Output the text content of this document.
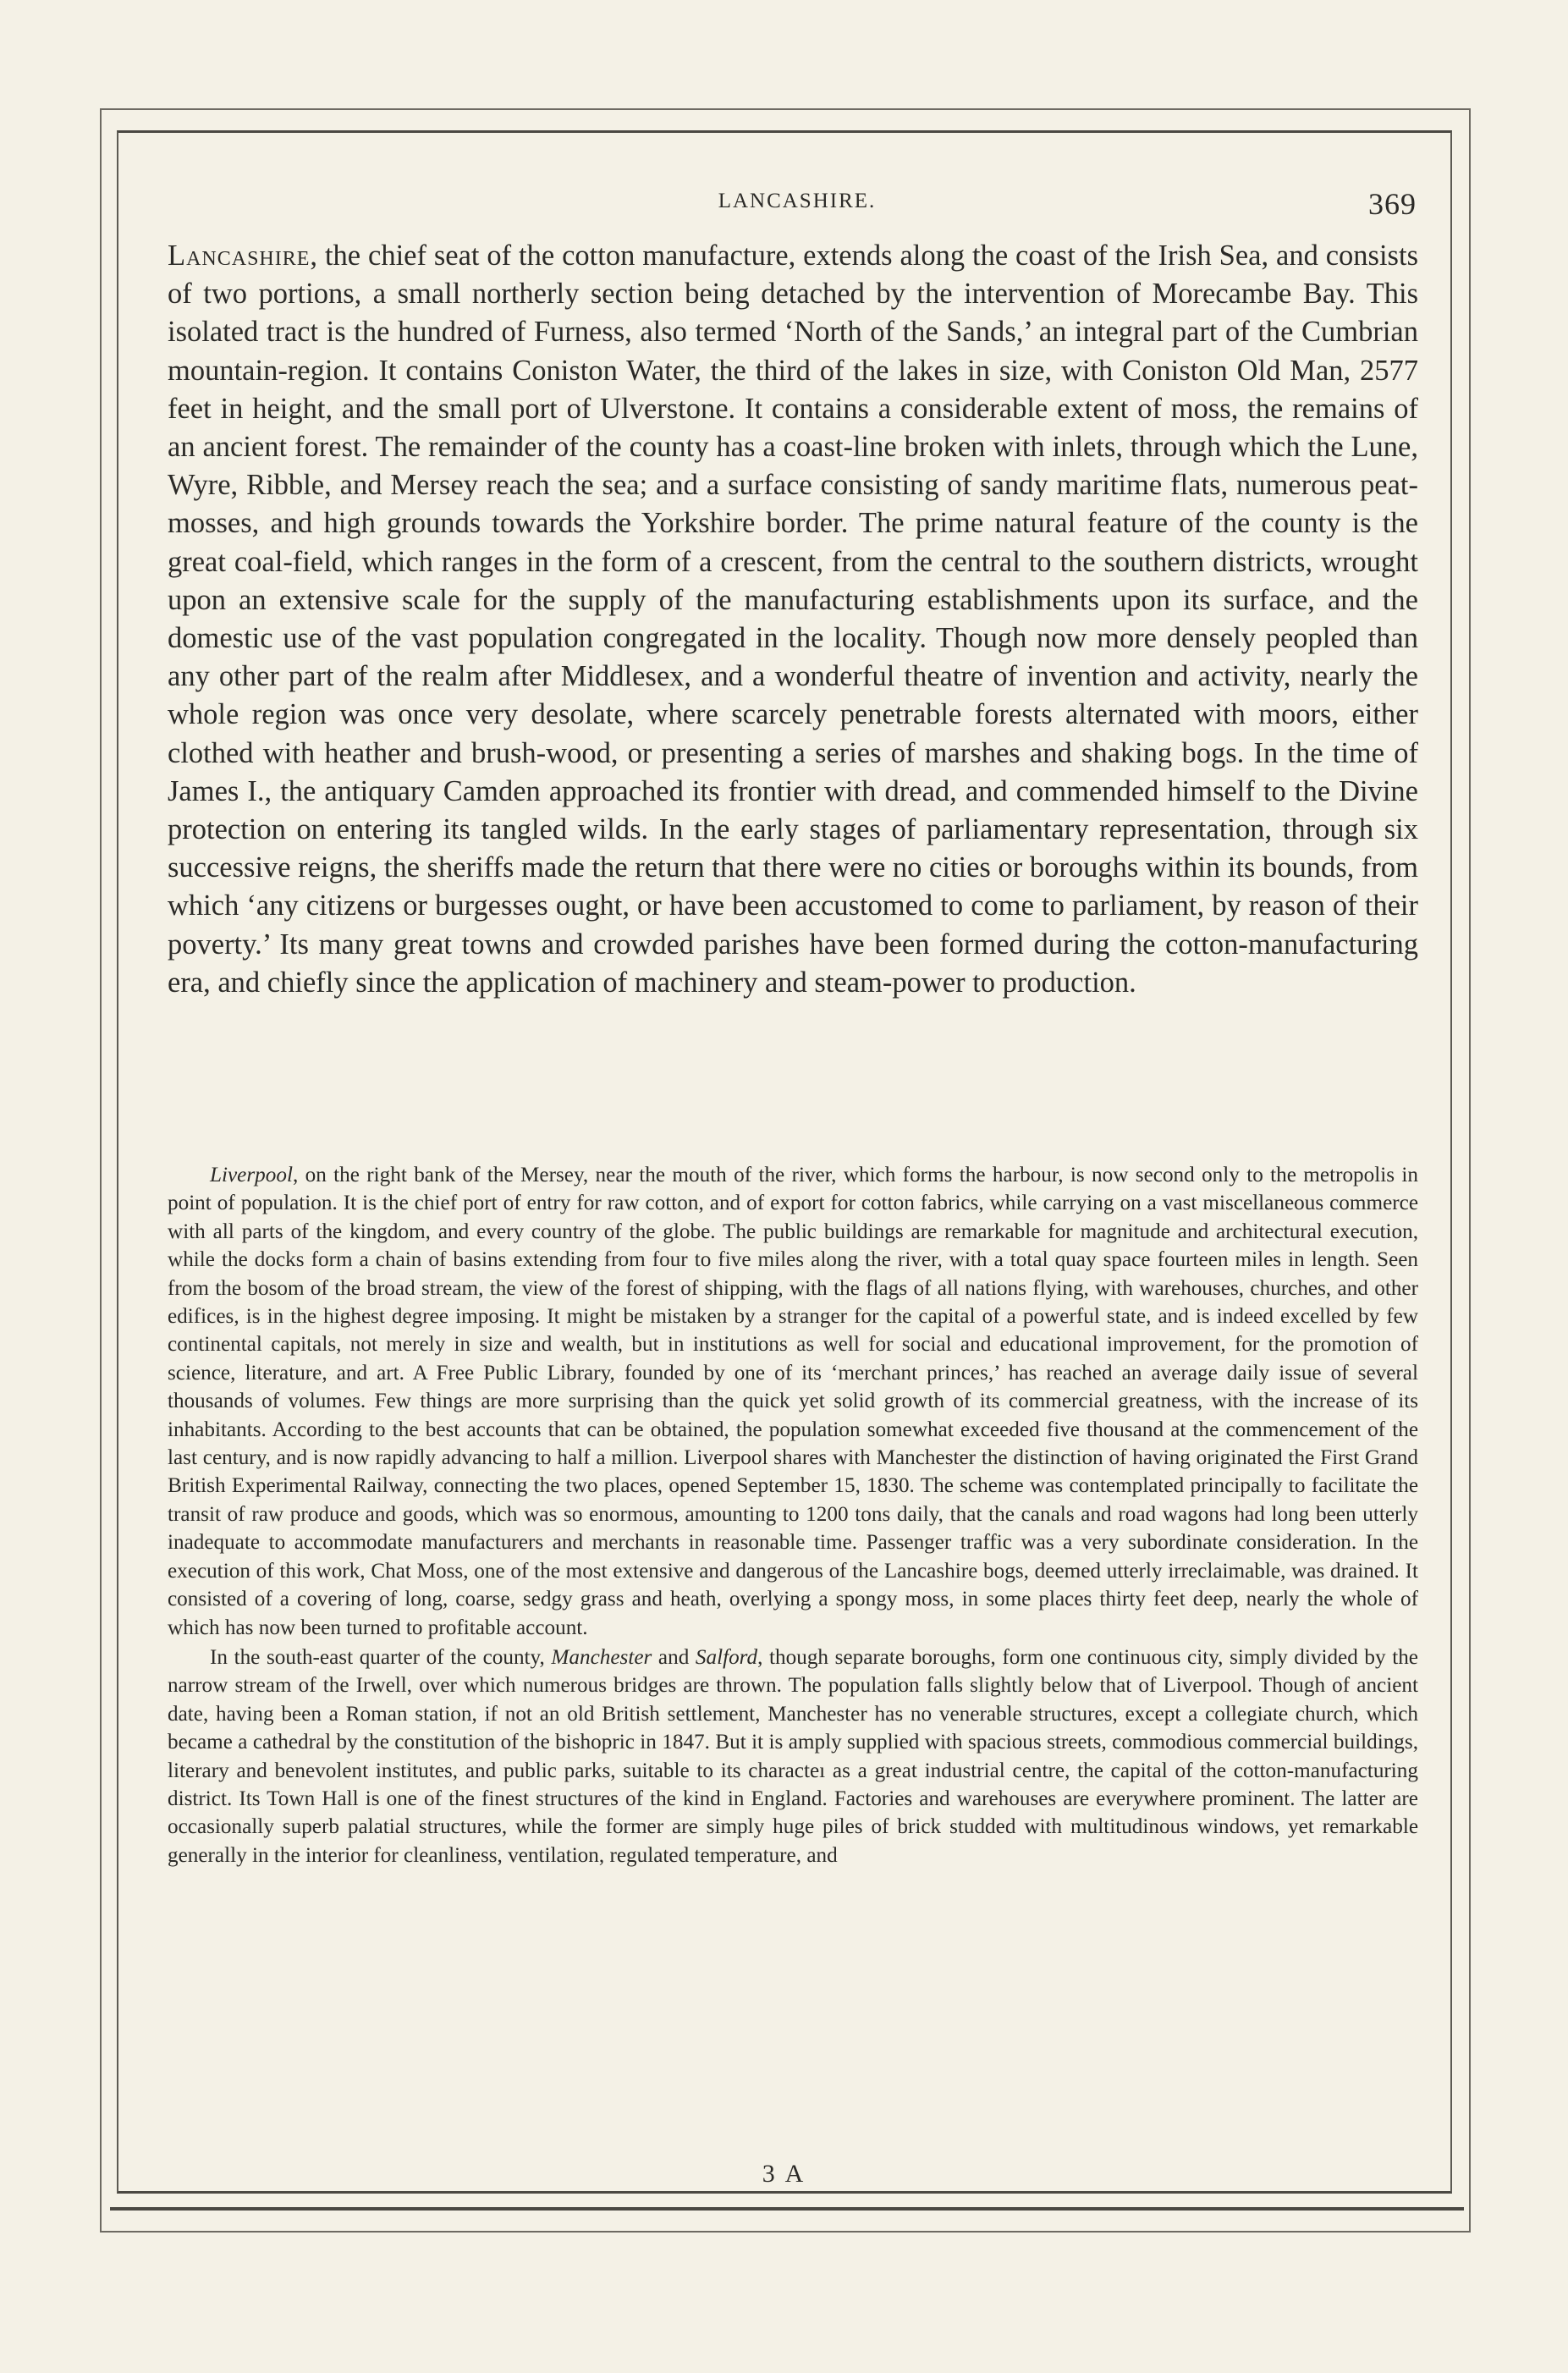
LANCASHIRE.	369

Lancashire, the chief seat of the cotton manufacture, extends along the coast of the Irish Sea, and consists of two portions, a small northerly section being detached by the intervention of Morecambe Bay. This isolated tract is the hundred of Furness, also termed ‘North of the Sands,’ an integral part of the Cumbrian mountain-region. It contains Coniston Water, the third of the lakes in size, with Coniston Old Man, 2577 feet in height, and the small port of Ulverstone. It contains a considerable extent of moss, the remains of an ancient forest. The remainder of the county has a coast-line broken with inlets, through which the Lune, Wyre, Ribble, and Mersey reach the sea; and a surface consisting of sandy maritime flats, numerous peat-mosses, and high grounds towards the Yorkshire border. The prime natural feature of the county is the great coal-field, which ranges in the form of a crescent, from the central to the southern districts, wrought upon an extensive scale for the supply of the manufacturing establishments upon its surface, and the domestic use of the vast population congregated in the locality. Though now more densely peopled than any other part of the realm after Middlesex, and a wonderful theatre of invention and activity, nearly the whole region was once very desolate, where scarcely penetrable forests alternated with moors, either clothed with heather and brush-wood, or presenting a series of marshes and shaking bogs. In the time of James I., the antiquary Camden approached its frontier with dread, and commended himself to the Divine protection on entering its tangled wilds. In the early stages of parliamentary representation, through six successive reigns, the sheriffs made the return that there were no cities or boroughs within its bounds, from which ‘any citizens or burgesses ought, or have been accustomed to come to parliament, by reason of their poverty.’ Its many great towns and crowded parishes have been formed during the cotton-manufacturing era, and chiefly since the application of machinery and steam-power to production.

Liverpool, on the right bank of the Mersey, near the mouth of the river, which forms the harbour, is now second only to the metropolis in point of population. It is the chief port of entry for raw cotton, and of export for cotton fabrics, while carrying on a vast miscellaneous commerce with all parts of the kingdom, and every country of the globe. The public buildings are remarkable for magnitude and architectural execution, while the docks form a chain of basins extending from four to five miles along the river, with a total quay space fourteen miles in length. Seen from the bosom of the broad stream, the view of the forest of shipping, with the flags of all nations flying, with warehouses, churches, and other edifices, is in the highest degree imposing. It might be mistaken by a stranger for the capital of a powerful state, and is indeed excelled by few continental capitals, not merely in size and wealth, but in institutions as well for social and educational improvement, for the promotion of science, literature, and art. A Free Public Library, founded by one of its ‘merchant princes,’ has reached an average daily issue of several thousands of volumes. Few things are more surprising than the quick yet solid growth of its commercial greatness, with the increase of its inhabitants. According to the best accounts that can be obtained, the population somewhat exceeded five thousand at the commencement of the last century, and is now rapidly advancing to half a million. Liverpool shares with Manchester the distinction of having originated the First Grand British Experimental Railway, connecting the two places, opened September 15, 1830. The scheme was contemplated principally to facilitate the transit of raw produce and goods, which was so enormous, amounting to 1200 tons daily, that the canals and road wagons had long been utterly inadequate to accommodate manufacturers and merchants in reasonable time. Passenger traffic was a very subordinate consideration. In the execution of this work, Chat Moss, one of the most extensive and dangerous of the Lancashire bogs, deemed utterly irreclaimable, was drained. It consisted of a covering of long, coarse, sedgy grass and heath, overlying a spongy moss, in some places thirty feet deep, nearly the whole of which has now been turned to profitable account.

In the south-east quarter of the county, Manchester and Salford, though separate boroughs, form one continuous city, simply divided by the narrow stream of the Irwell, over which numerous bridges are thrown. The population falls slightly below that of Liverpool. Though of ancient date, having been a Roman station, if not an old British settlement, Manchester has no venerable structures, except a collegiate church, which became a cathedral by the constitution of the bishopric in 1847. But it is amply supplied with spacious streets, commodious commercial buildings, literary and benevolent institutes, and public parks, suitable to its characteı as a great industrial centre, the capital of the cotton-manufacturing district. Its Town Hall is one of the finest structures of the kind in England. Factories and warehouses are everywhere prominent. The latter are occasionally superb palatial structures, while the former are simply huge piles of brick studded with multitudinous windows, yet remarkable generally in the interior for cleanliness, ventilation, regulated temperature, and

3 A
